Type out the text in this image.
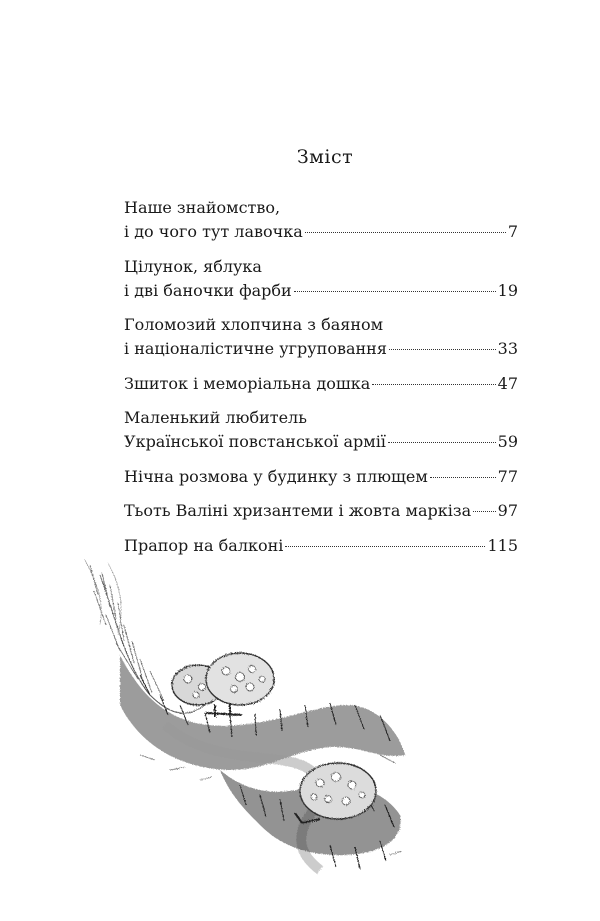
Зміст
Наше знайомство,
і до чого тут лавочка	7
Цілунок, яблука
і дві баночки фарби	19
Голомозий хлопчина з баяном
і націоналістичне угруповання	33
Зшиток і меморіальна дошка	47
Маленький любитель
Української повстанської армії	59
Нічна розмова у будинку з плющем	77
Тьоть Валіні хризантеми і жовта маркіза 97
Прапор на балконі	115
